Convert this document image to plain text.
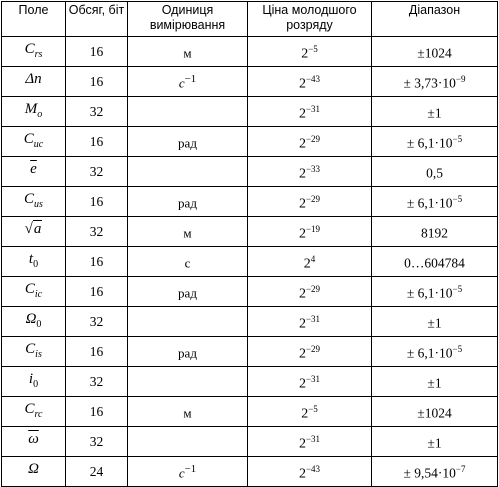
Поле	Обсяг, біт	Одиниця вимірювання	Ціна молодшого розряду	Діапазон
$C_{rs}$	16	м	$2^{-5}$	±1024
Δn	16	$c^{-1}$	$2^{-43}$	± $3,73\cdot 10^{-9}$
$M_o$	32		$2^{-31}$	±1
$C_{uc}$	16	рад	$2^{-29}$	± $6,1\cdot 10^{-5}$
$\overline{e}$	32		$2^{-33}$	0,5
$C_{us}$	16	рад	$2^{-29}$	± $6,1\cdot 10^{-5}$
√a	32	м	$2^{-19}$	8192
$t_0$	16	с	$2^4$	0…604784
$C_{ic}$	16	рад	$2^{-29}$	± $6,1\cdot 10^{-5}$
$\Omega_0$	32		$2^{-31}$	±1
$C_{is}$	16	рад	$2^{-29}$	± $6,1\cdot 10^{-5}$
$i_0$	32		$2^{-31}$	±1
$C_{rc}$	16	м	$2^{-5}$	±1024
$\overline{\omega}$	32		$2^{-31}$	±1
˙ Ω	24	$c^{-1}$	$2^{-43}$	± $9,54\cdot 10^{-7}$
